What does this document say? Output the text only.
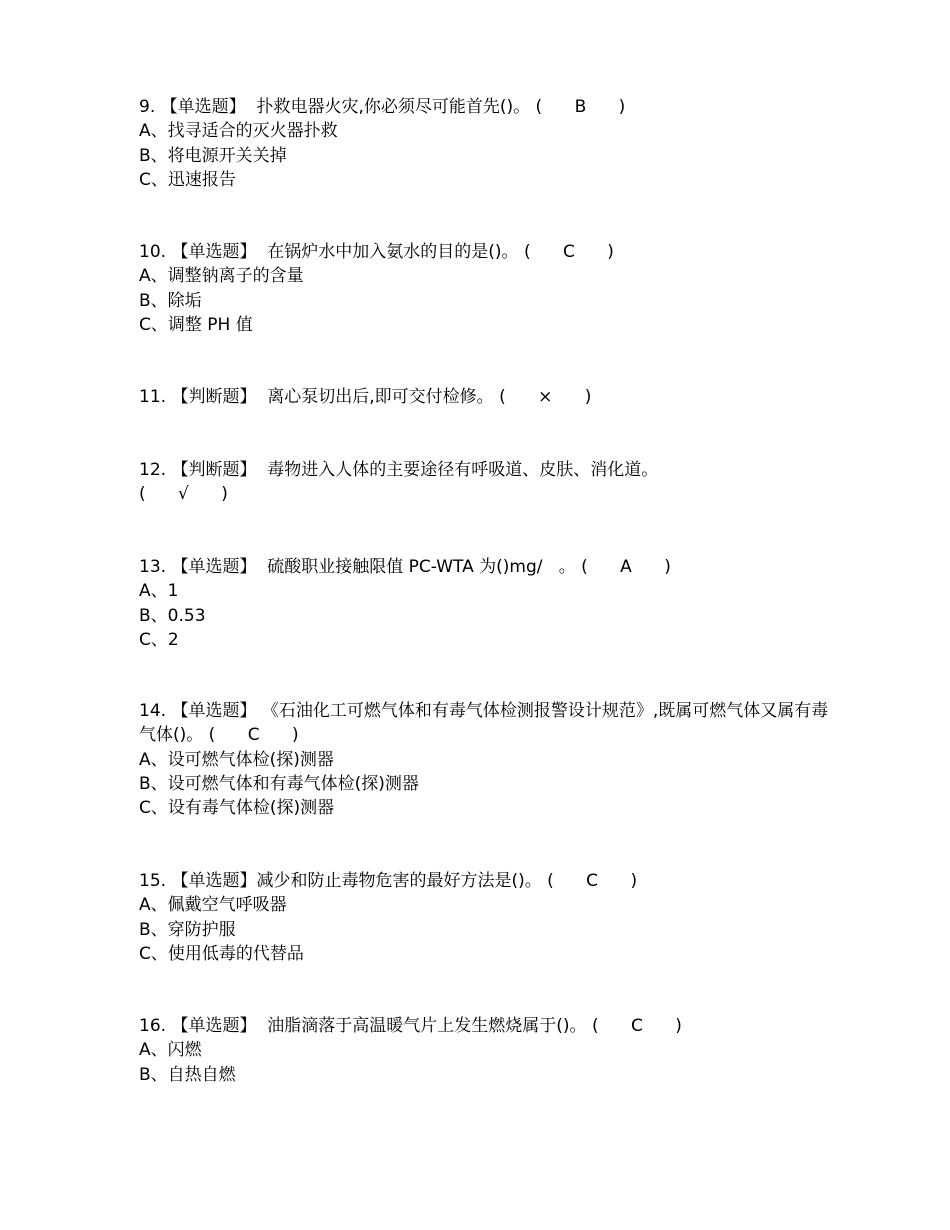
9. 【单选题】 扑救电器火灾,你必须尽可能首先()。 (      B      )
A、找寻适合的灭火器扑救
B、将电源开关关掉
C、迅速报告
10. 【单选题】 在锅炉水中加入氨水的目的是()。 (      C      )
A、调整钠离子的含量
B、除垢
C、调整 PH 值
11. 【判断题】 离心泵切出后,即可交付检修。 (      ×      )
12. 【判断题】 毒物进入人体的主要途径有呼吸道、皮肤、消化道。
(      √      )
13. 【单选题】 硫酸职业接触限值 PC-WTA 为()mg/   。 (      A      )
A、1
B、0.53
C、2
14. 【单选题】 《石油化工可燃气体和有毒气体检测报警设计规范》,既属可燃气体又属有毒气体()。 (      C      )
A、设可燃气体检(探)测器
B、设可燃气体和有毒气体检(探)测器
C、设有毒气体检(探)测器
15. 【单选题】减少和防止毒物危害的最好方法是()。 (      C      )
A、佩戴空气呼吸器
B、穿防护服
C、使用低毒的代替品
16. 【单选题】 油脂滴落于高温暖气片上发生燃烧属于()。 (      C      )
A、闪燃
B、自热自燃
